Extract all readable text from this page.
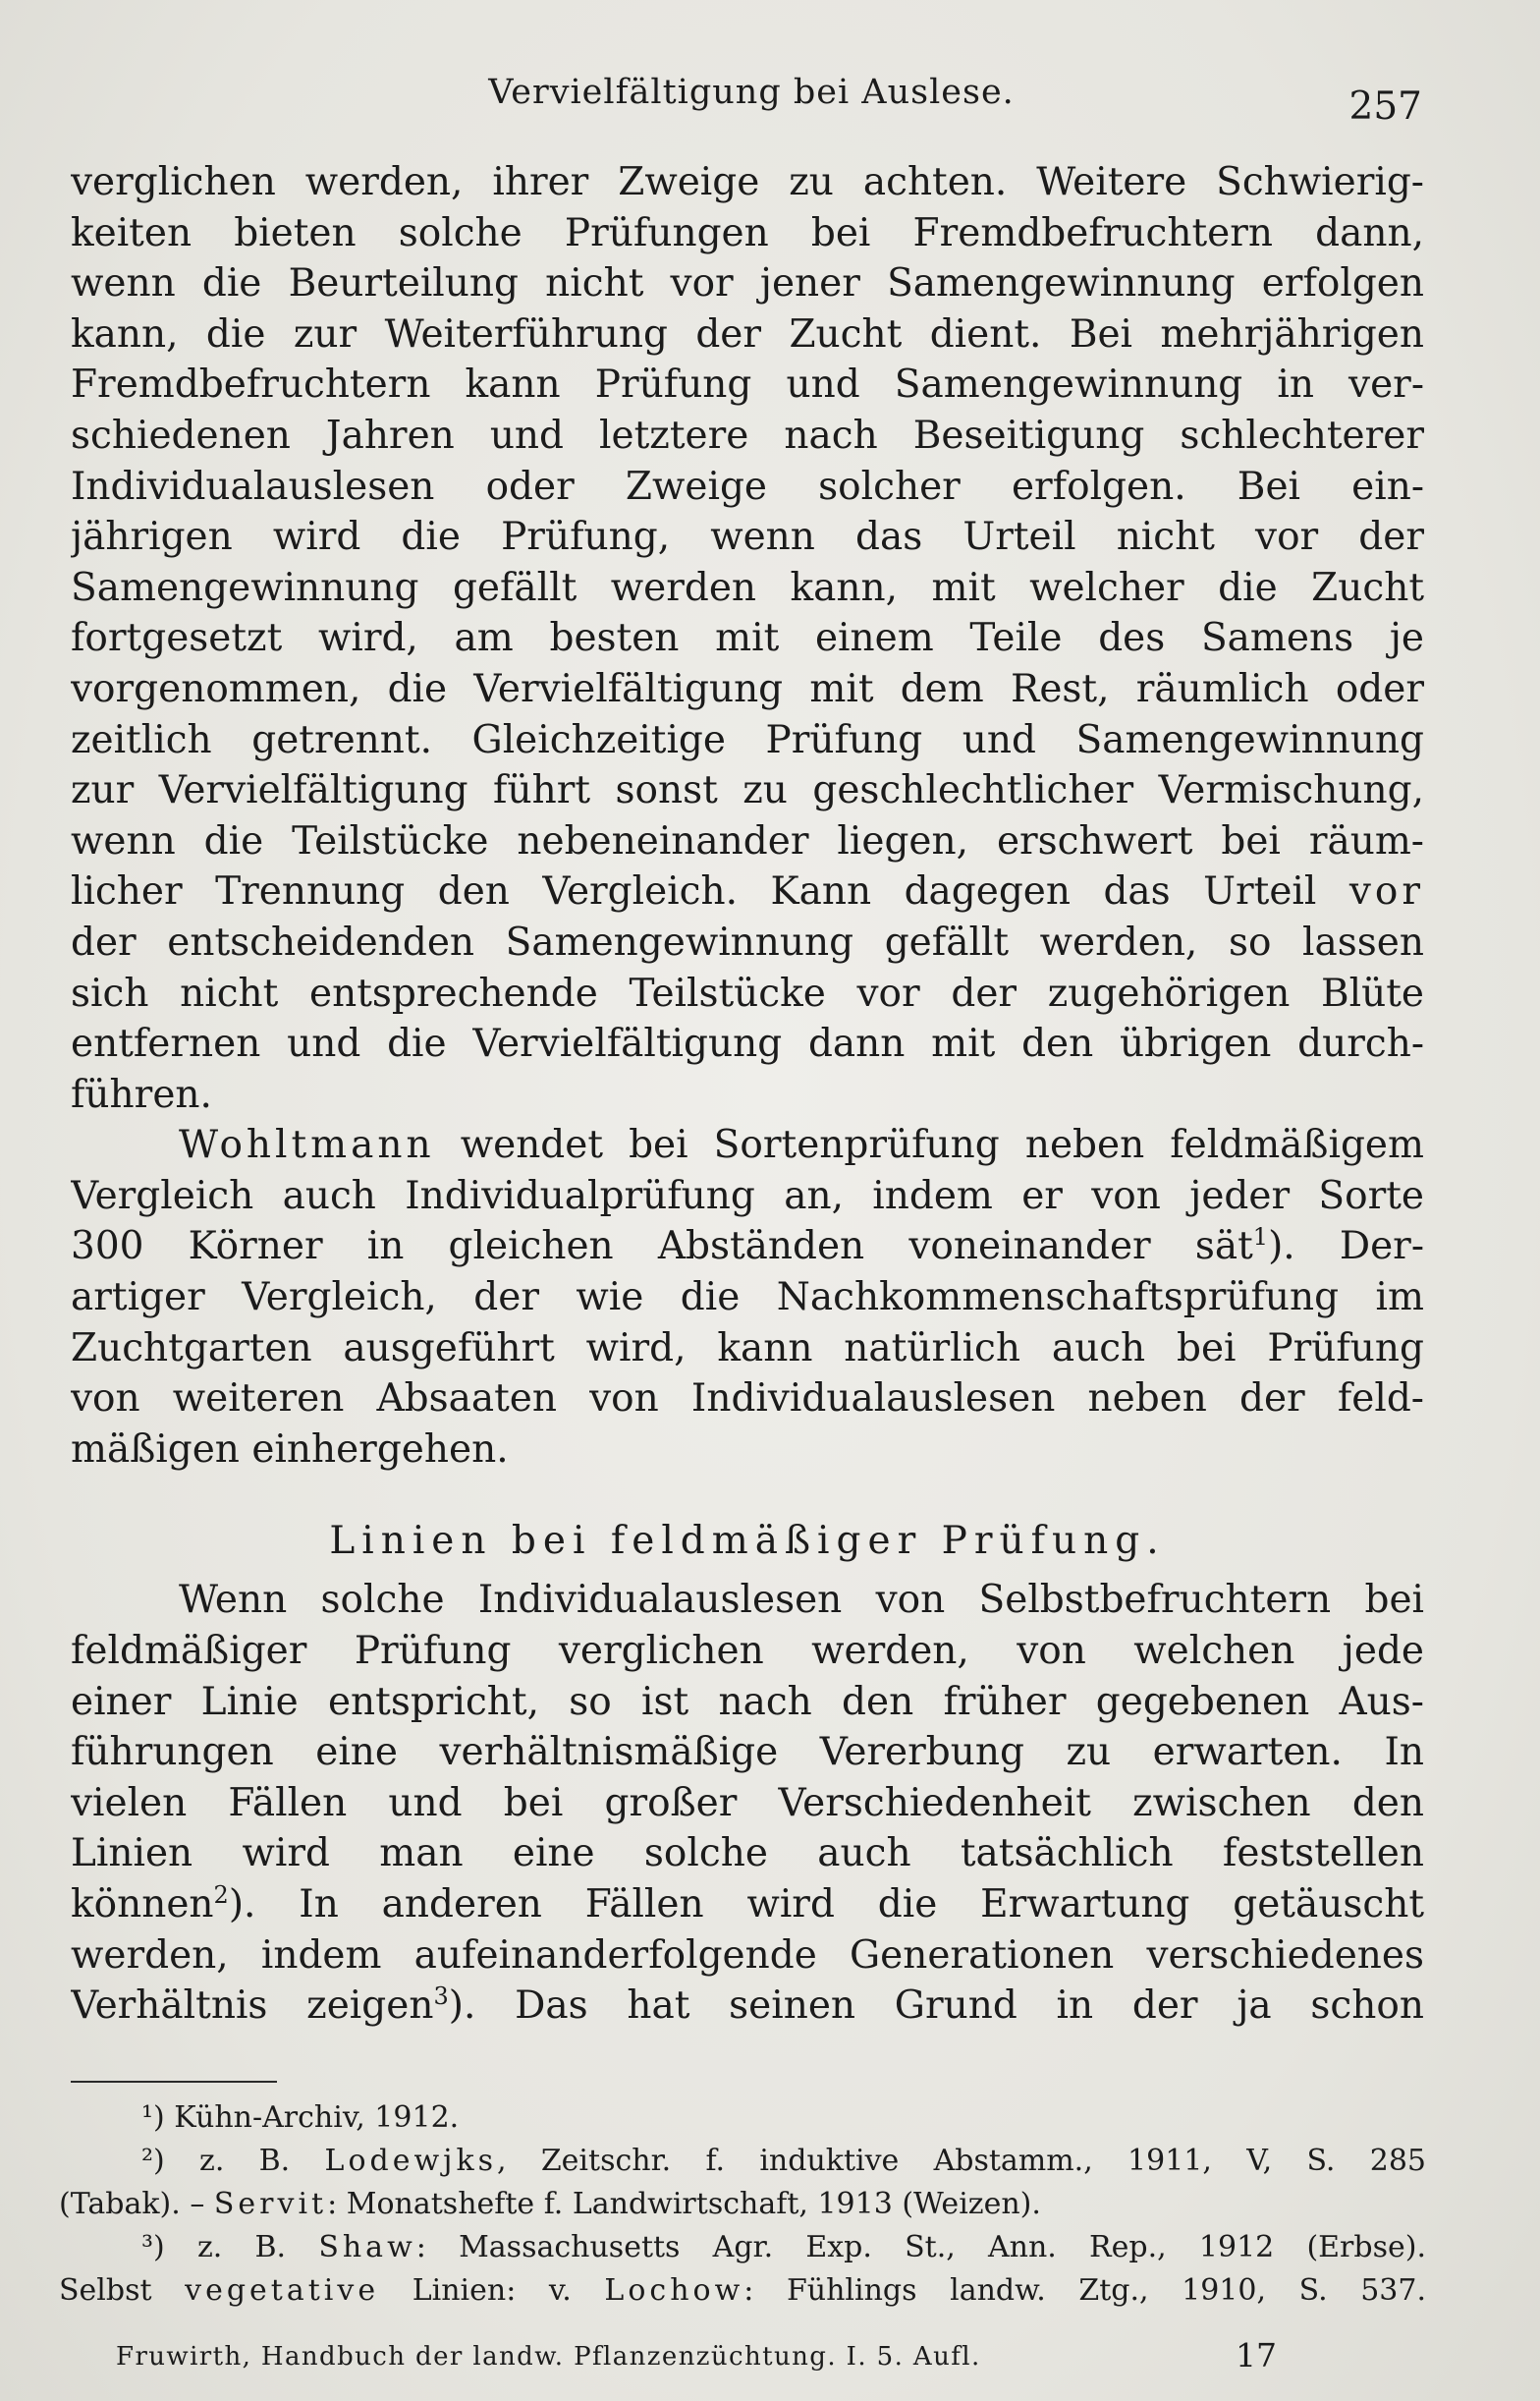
Vervielfältigung bei Auslese.	257
verglichen werden, ihrer Zweige zu achten. Weitere Schwierig-
keiten bieten solche Prüfungen bei Fremdbefruchtern dann,
wenn die Beurteilung nicht vor jener Samengewinnung erfolgen
kann, die zur Weiterführung der Zucht dient. Bei mehrjährigen
Fremdbefruchtern kann Prüfung und Samengewinnung in ver-
schiedenen Jahren und letztere nach Beseitigung schlechterer
Individualauslesen oder Zweige solcher erfolgen. Bei ein-
jährigen wird die Prüfung, wenn das Urteil nicht vor der
Samengewinnung gefällt werden kann, mit welcher die Zucht
fortgesetzt wird, am besten mit einem Teile des Samens je
vorgenommen, die Vervielfältigung mit dem Rest, räumlich oder
zeitlich getrennt. Gleichzeitige Prüfung und Samengewinnung
zur Vervielfältigung führt sonst zu geschlechtlicher Vermischung,
wenn die Teilstücke nebeneinander liegen, erschwert bei räum-
licher Trennung den Vergleich. Kann dagegen das Urteil vor
der entscheidenden Samengewinnung gefällt werden, so lassen
sich nicht entsprechende Teilstücke vor der zugehörigen Blüte
entfernen und die Vervielfältigung dann mit den übrigen durch-
führen.
Wohltmann wendet bei Sortenprüfung neben feldmäßigem
Vergleich auch Individualprüfung an, indem er von jeder Sorte
300 Körner in gleichen Abständen voneinander sät$^1$). Der-
artiger Vergleich, der wie die Nachkommenschaftsprüfung im
Zuchtgarten ausgeführt wird, kann natürlich auch bei Prüfung
von weiteren Absaaten von Individualauslesen neben der feld-
mäßigen einhergehen.
Linien bei feldmäßiger Prüfung.
Wenn solche Individualauslesen von Selbstbefruchtern bei
feldmäßiger Prüfung verglichen werden, von welchen jede
einer Linie entspricht, so ist nach den früher gegebenen Aus-
führungen eine verhältnismäßige Vererbung zu erwarten. In
vielen Fällen und bei großer Verschiedenheit zwischen den
Linien wird man eine solche auch tatsächlich feststellen
können$^2$). In anderen Fällen wird die Erwartung getäuscht
werden, indem aufeinanderfolgende Generationen verschiedenes
Verhältnis zeigen$^3$). Das hat seinen Grund in der ja schon
¹) Kühn-Archiv, 1912.
²) z. B. Lodewjks, Zeitschr. f. induktive Abstamm., 1911, V, S. 285
(Tabak). – Servit: Monatshefte f. Landwirtschaft, 1913 (Weizen).
³) z. B. Shaw: Massachusetts Agr. Exp. St., Ann. Rep., 1912 (Erbse).
Selbst vegetative Linien: v. Lochow: Fühlings landw. Ztg., 1910, S. 537.
Fruwirth, Handbuch der landw. Pflanzenzüchtung. I. 5. Aufl.	17
